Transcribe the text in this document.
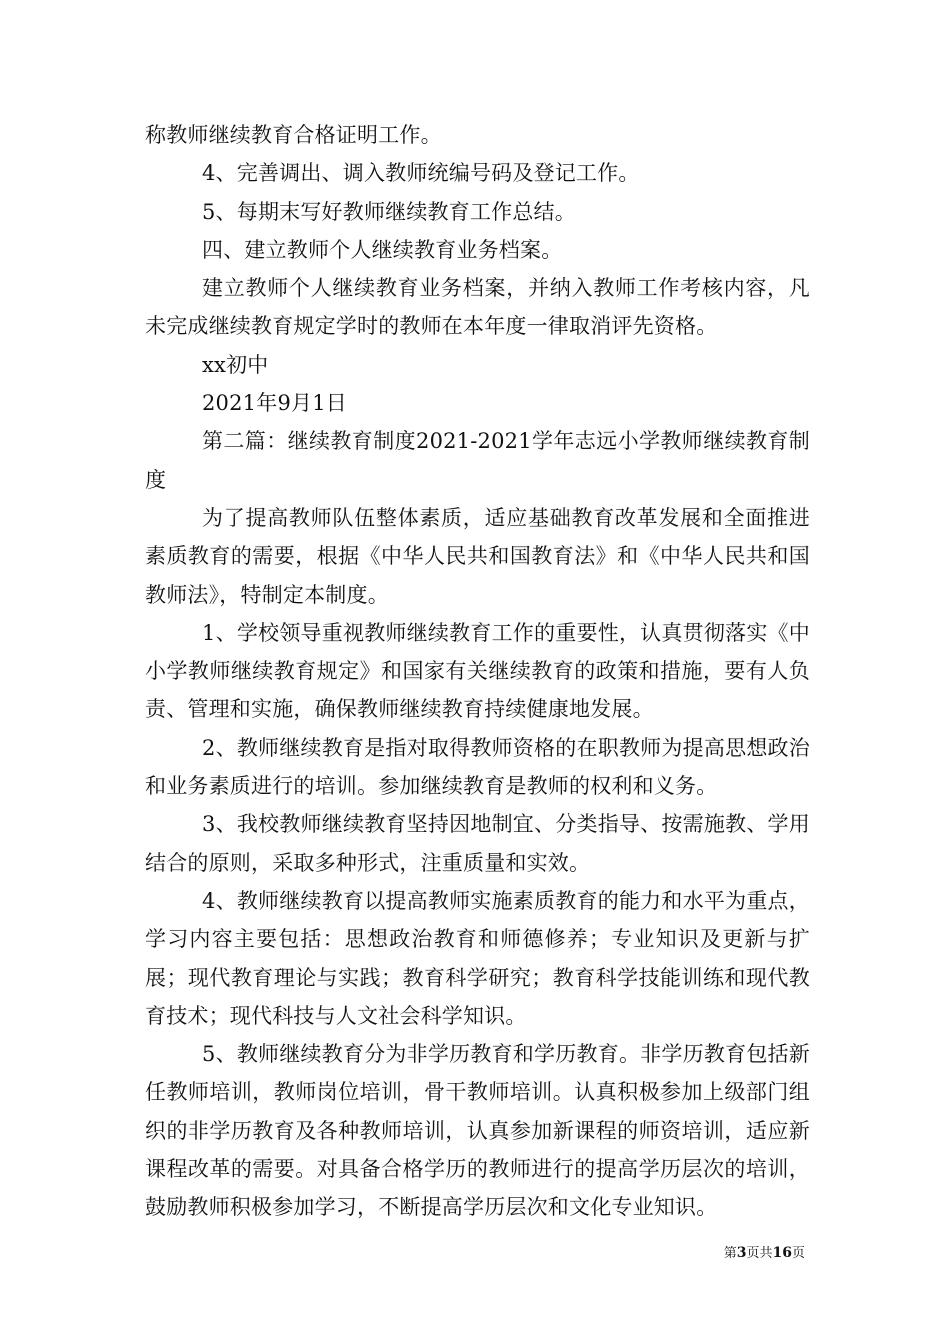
称教师继续教育合格证明工作。

4、完善调出、调入教师统编号码及登记工作。

5、每期末写好教师继续教育工作总结。

四、建立教师个人继续教育业务档案。

建立教师个人继续教育业务档案，并纳入教师工作考核内容，凡未完成继续教育规定学时的教师在本年度一律取消评先资格。

xx初中

2021年9月1日

第二篇：继续教育制度2021-2021学年志远小学教师继续教育制度

为了提高教师队伍整体素质，适应基础教育改革发展和全面推进素质教育的需要，根据《中华人民共和国教育法》和《中华人民共和国教师法》，特制定本制度。

1、学校领导重视教师继续教育工作的重要性，认真贯彻落实《中小学教师继续教育规定》和国家有关继续教育的政策和措施，要有人负责、管理和实施，确保教师继续教育持续健康地发展。

2、教师继续教育是指对取得教师资格的在职教师为提高思想政治和业务素质进行的培训。参加继续教育是教师的权利和义务。

3、我校教师继续教育坚持因地制宜、分类指导、按需施教、学用结合的原则，采取多种形式，注重质量和实效。

4、教师继续教育以提高教师实施素质教育的能力和水平为重点，学习内容主要包括：思想政治教育和师德修养；专业知识及更新与扩展；现代教育理论与实践；教育科学研究；教育科学技能训练和现代教育技术；现代科技与人文社会科学知识。

5、教师继续教育分为非学历教育和学历教育。非学历教育包括新任教师培训，教师岗位培训，骨干教师培训。认真积极参加上级部门组织的非学历教育及各种教师培训，认真参加新课程的师资培训，适应新课程改革的需要。对具备合格学历的教师进行的提高学历层次的培训，鼓励教师积极参加学习，不断提高学历层次和文化专业知识。

第3页共16页
